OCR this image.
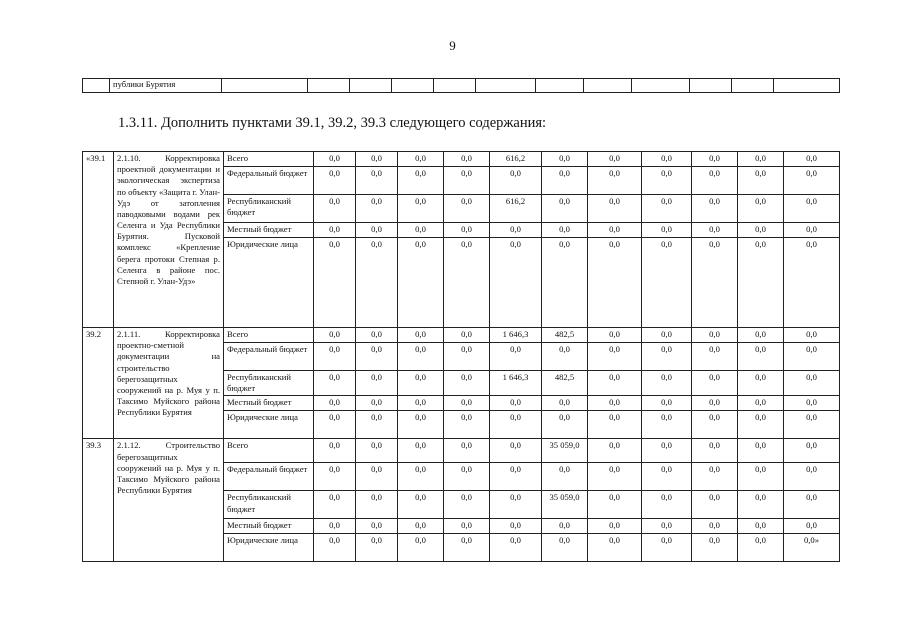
9
	публики Бурятия												
1.3.11. Дополнить пунктами 39.1, 39.2, 39.3 следующего содержания:
«39.1	2.1.10. Корректировка проектной документации и экологическая экспертиза по объекту «Защита г. Улан-Удэ от затопления паводковыми водами рек Селенга и Уда Республики Бурятия. Пусковой комплекс «Крепление берега протоки Степная р. Селенга в районе пос. Степной г. Улан-Удэ»	Всего	0,0	0,0	0,0	0,0	616,2	0,0	0,0	0,0	0,0	0,0	0,0
		Федеральный бюджет	0,0	0,0	0,0	0,0	0,0	0,0	0,0	0,0	0,0	0,0	0,0
		Республиканский бюджет	0,0	0,0	0,0	0,0	616,2	0,0	0,0	0,0	0,0	0,0	0,0
		Местный бюджет	0,0	0,0	0,0	0,0	0,0	0,0	0,0	0,0	0,0	0,0	0,0
		Юридические лица	0,0	0,0	0,0	0,0	0,0	0,0	0,0	0,0	0,0	0,0	0,0
39.2	2.1.11. Корректировка проектно-сметной документации на строительство берегозащитных сооружений на р. Муя у п. Таксимо Муйского района Республики Бурятия	Всего	0,0	0,0	0,0	0,0	1 646,3	482,5	0,0	0,0	0,0	0,0	0,0
		Федеральный бюджет	0,0	0,0	0,0	0,0	0,0	0,0	0,0	0,0	0,0	0,0	0,0
		Республиканский бюджет	0,0	0,0	0,0	0,0	1 646,3	482,5	0,0	0,0	0,0	0,0	0,0
		Местный бюджет	0,0	0,0	0,0	0,0	0,0	0,0	0,0	0,0	0,0	0,0	0,0
		Юридические лица	0,0	0,0	0,0	0,0	0,0	0,0	0,0	0,0	0,0	0,0	0,0
39.3	2.1.12. Строительство берегозащитных сооружений на р. Муя у п. Таксимо Муйского района Республики Бурятия	Всего	0,0	0,0	0,0	0,0	0,0	35 059,0	0,0	0,0	0,0	0,0	0,0
		Федеральный бюджет	0,0	0,0	0,0	0,0	0,0	0,0	0,0	0,0	0,0	0,0	0,0
		Республиканский бюджет	0,0	0,0	0,0	0,0	0,0	35 059,0	0,0	0,0	0,0	0,0	0,0
		Местный бюджет	0,0	0,0	0,0	0,0	0,0	0,0	0,0	0,0	0,0	0,0	0,0
		Юридические лица	0,0	0,0	0,0	0,0	0,0	0,0	0,0	0,0	0,0	0,0	0,0»
